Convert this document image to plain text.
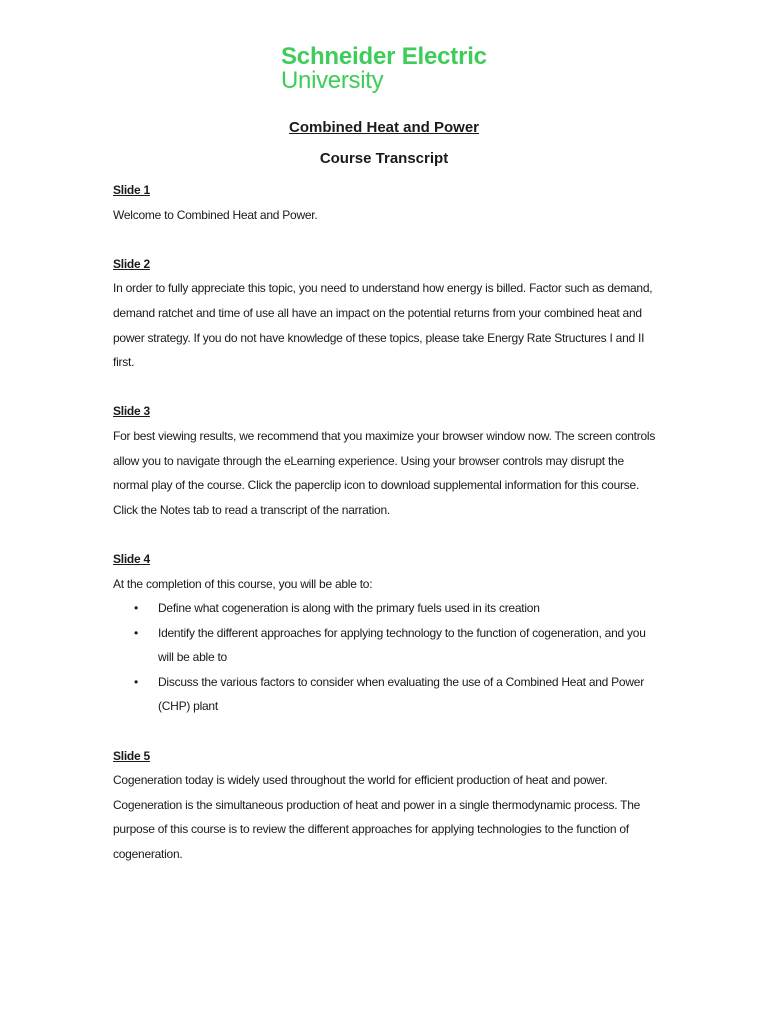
Schneider Electric
University
Combined Heat and Power
Course Transcript

Slide 1

Welcome to Combined Heat and Power.

Slide 2

In order to fully appreciate this topic, you need to understand how energy is billed. Factor such as demand, demand ratchet and time of use all have an impact on the potential returns from your combined heat and power strategy. If you do not have knowledge of these topics, please take Energy Rate Structures I and II first.

Slide 3

For best viewing results, we recommend that you maximize your browser window now. The screen controls allow you to navigate through the eLearning experience. Using your browser controls may disrupt the normal play of the course. Click the paperclip icon to download supplemental information for this course. Click the Notes tab to read a transcript of the narration.

Slide 4

At the completion of this course, you will be able to:

• Define what cogeneration is along with the primary fuels used in its creation
• Identify the different approaches for applying technology to the function of cogeneration, and you will be able to
• Discuss the various factors to consider when evaluating the use of a Combined Heat and Power (CHP) plant

Slide 5

Cogeneration today is widely used throughout the world for efficient production of heat and power. Cogeneration is the simultaneous production of heat and power in a single thermodynamic process. The purpose of this course is to review the different approaches for applying technologies to the function of cogeneration.
